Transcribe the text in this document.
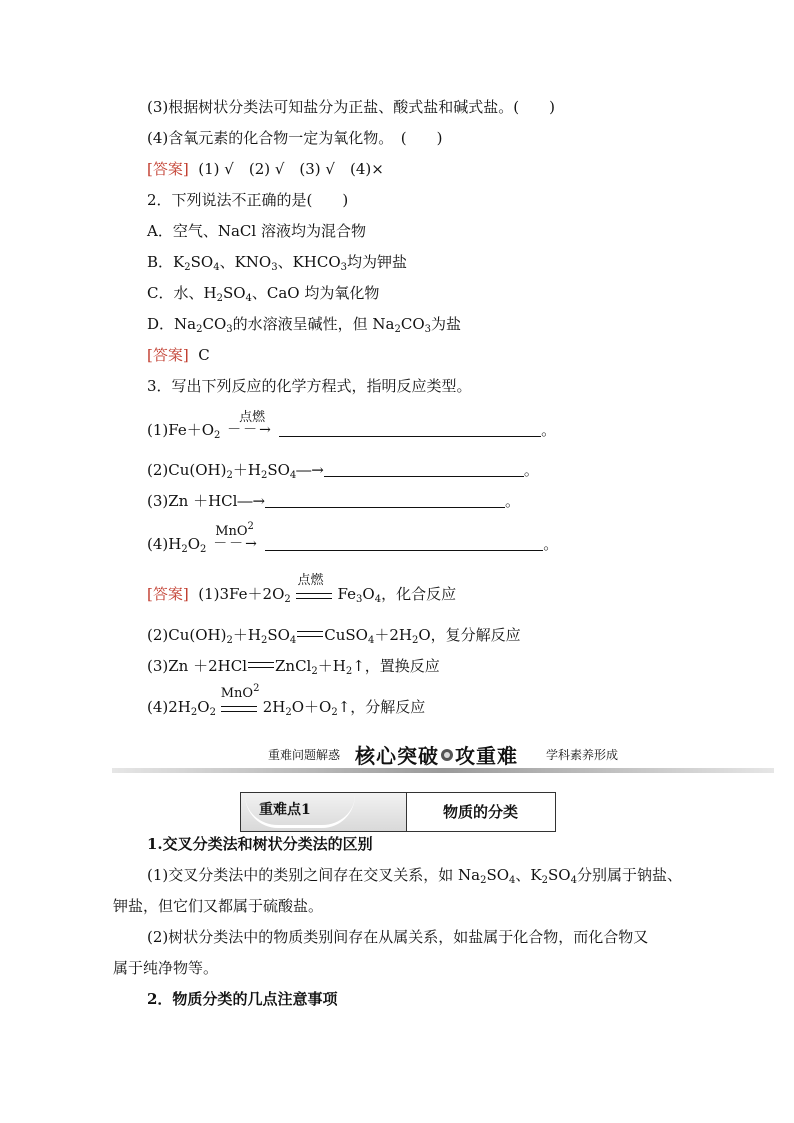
(3)根据树状分类法可知盐分为正盐、酸式盐和碱式盐。(　　)
(4)含氧元素的化合物一定为氧化物。　(　　)
[答案] (1) √　(2) √　(3) √　(4)×
2．下列说法不正确的是(　　)
A．空气、NaCl 溶液均为混合物
B．$K_2SO_4$、$KNO_3$、$KHCO_3$均为钾盐
C．水、$H_2SO_4$、CaO 均为氧化物
D．$Na_2CO_3$的水溶液呈碱性，但 $Na_2CO_3$为盐
[答案] C
3．写出下列反应的化学方程式，指明反应类型。
$(1)Fe+O_2$
点燃
－－→	。
$(2)Cu(OH)_2+H_2SO_4―\to$	。
(3)Zn ＋HCl―→	。
$(4)H_2O_2$
MnO$^2$
－－→	。
[答案] $(1)3Fe+2O_2$
点燃
$Fe_3O_4$，化合反应
$(2)Cu(OH)_2+H_2SO_4$ $CuSO_4+2H_2O$，复分解反应
(3)Zn ＋2HCl $ZnCl_2+H_2↑$，置换反应
$(4)2H_2O_2$
MnO$^2$
$2H_2O+O_2↑$，分解反应
重难问题解惑 核心突破 攻重难 学科素养形成
重难点1	物质的分类
1.交叉分类法和树状分类法的区别
(1)交叉分类法中的类别之间存在交叉关系，如 $Na_2SO_4$、$K_2SO_4$分别属于钠盐、
钾盐，但它们又都属于硫酸盐。
(2)树状分类法中的物质类别间存在从属关系，如盐属于化合物，而化合物又
属于纯净物等。
2．物质分类的几点注意事项
